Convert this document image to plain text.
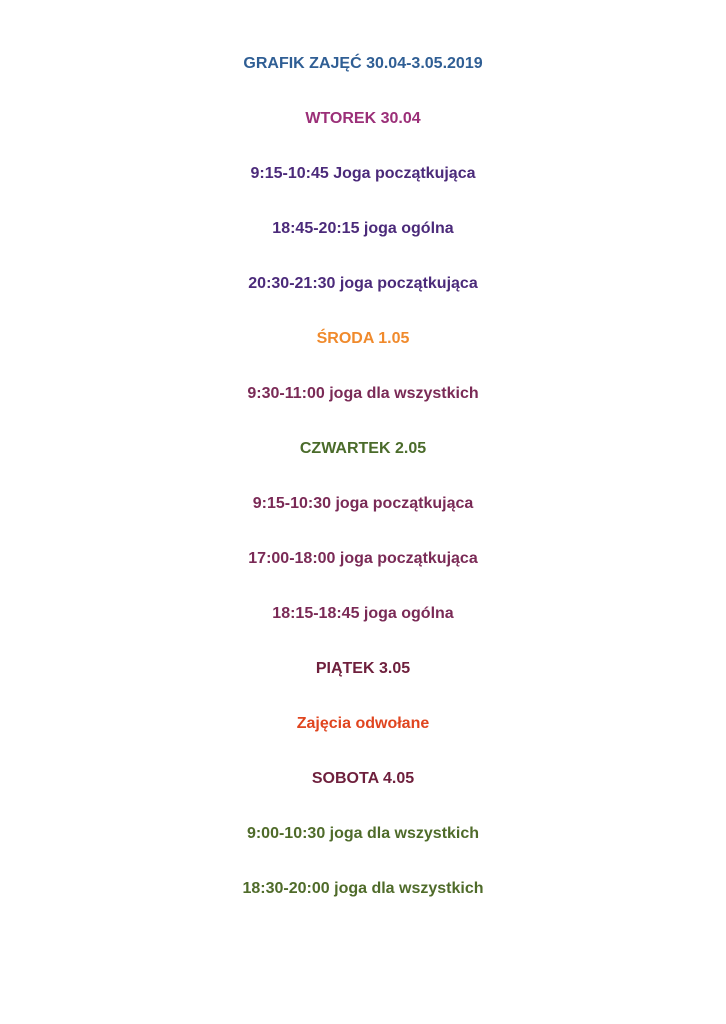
GRAFIK ZAJĘĆ 30.04-3.05.2019
WTOREK 30.04
9:15-10:45 Joga początkująca
18:45-20:15 joga ogólna
20:30-21:30 joga początkująca
ŚRODA 1.05
9:30-11:00 joga dla wszystkich
CZWARTEK 2.05
9:15-10:30 joga początkująca
17:00-18:00 joga początkująca
18:15-18:45 joga ogólna
PIĄTEK 3.05
Zajęcia odwołane
SOBOTA 4.05
9:00-10:30 joga dla wszystkich
18:30-20:00 joga dla wszystkich
